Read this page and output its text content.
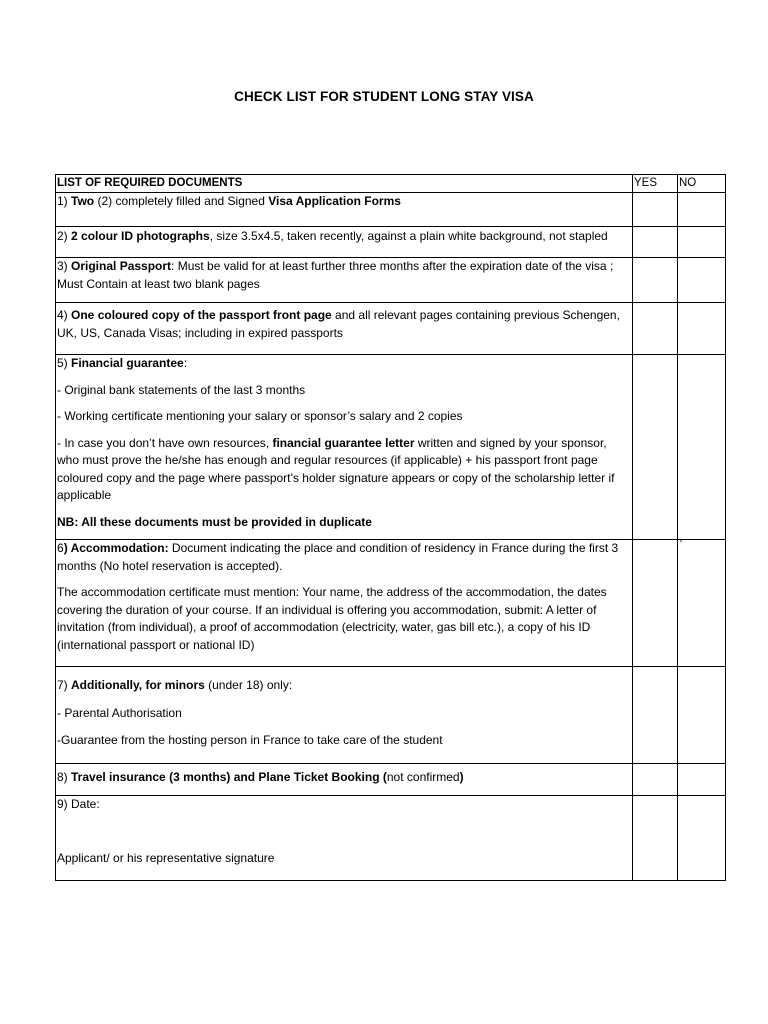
CHECK LIST FOR STUDENT LONG STAY VISA
LIST OF REQUIRED DOCUMENTS	YES	NO
1) Two (2) completely filled and Signed Visa Application Forms		
2) 2 colour ID photographs, size 3.5x4.5, taken recently, against a plain white background, not stapled		
3) Original Passport: Must be valid for at least further three months after the expiration date of the visa ; Must Contain at least two blank pages		
4) One coloured copy of the passport front page and all relevant pages containing previous Schengen, UK, US, Canada Visas; including in expired passports		

5) Financial guarantee:

- Original bank statements of the last 3 months

- Working certificate mentioning your salary or sponsor’s salary and 2 copies

- In case you don’t have own resources, financial guarantee letter written and signed by your sponsor, who must prove the he/she has enough and regular resources (if applicable) + his passport front page coloured copy and the page where passport’s holder signature appears or copy of the scholarship letter if applicable

NB: All these documents must be provided in duplicate		

6) Accommodation: Document indicating the place and condition of residency in France during the first 3 months (No hotel reservation is accepted).

The accommodation certificate must mention: Your name, the address of the accommodation, the dates covering the duration of your course. If an individual is offering you accommodation, submit: A letter of invitation (from individual), a proof of accommodation (electricity, water, gas bill etc.), a copy of his ID (international passport or national ID)		'

7) Additionally, for minors (under 18) only:

- Parental Authorisation

-Guarantee from the hosting person in France to take care of the student		

8) Travel insurance (3 months) and Plane Ticket Booking (not confirmed)		

9) Date:

Applicant/ or his representative signature		
